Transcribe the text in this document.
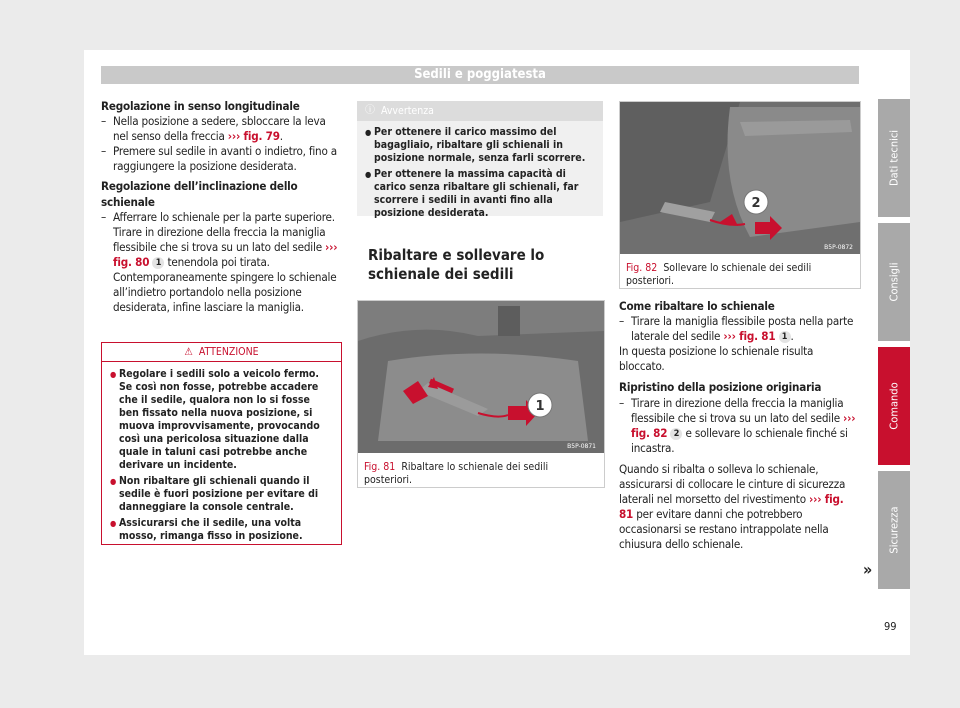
Sedili e poggiatesta

Regolazione in senso longitudinale

– Nella posizione a sedere, sbloccare la leva nel senso della freccia ››› fig. 79.

– Premere sul sedile in avanti o indietro, fino a raggiungere la posizione desiderata.

Regolazione dell’inclinazione dello schienale

– Afferrare lo schienale per la parte superiore. Tirare in direzione della freccia la maniglia flessibile che si trova su un lato del sedile ››› fig. 80 1 tenendola poi tirata. Contemporaneamente spingere lo schienale all’indietro portandolo nella posizione desiderata, infine lasciare la maniglia.

⚠ ATTENZIONE

● Regolare i sedili solo a veicolo fermo. Se così non fosse, potrebbe accadere che il sedile, qualora non lo si fosse ben fissato nella nuova posizione, si muova improvvisamente, provocando così una pericolosa situazione dalla quale in taluni casi potrebbe anche derivare un incidente.

● Non ribaltare gli schienali quando il sedile è fuori posizione per evitare di danneggiare la console centrale.

● Assicurarsi che il sedile, una volta mosso, rimanga fisso in posizione.

ⓘ Avvertenza

● Per ottenere il carico massimo del bagagliaio, ribaltare gli schienali in posizione normale, senza farli scorrere.

● Per ottenere la massima capacità di carico senza ribaltare gli schienali, far scorrere i sedili in avanti fino alla posizione desiderata.

Ribaltare e sollevare lo schienale dei sedili
1
B5P-0871
Fig. 81 Ribaltare lo schienale dei sedili posteriori.
2
B5P-0872
Fig. 82 Sollevare lo schienale dei sedili posteriori.

Come ribaltare lo schienale

– Tirare la maniglia flessibile posta nella parte laterale del sedile ››› fig. 81 1 .

In questa posizione lo schienale risulta bloccato.

Ripristino della posizione originaria

– Tirare in direzione della freccia la maniglia flessibile che si trova su un lato del sedile ››› fig. 82 2 e sollevare lo schienale finché si incastra.

Quando si ribalta o solleva lo schienale, assicurarsi di collocare le cinture di sicurezza laterali nel morsetto del rivestimento ››› fig. 81 per evitare danni che potrebbero occasionarsi se restano intrappolate nella chiusura dello schienale.

»
Dati tecnici
Consigli
Comando
Sicurezza
99
